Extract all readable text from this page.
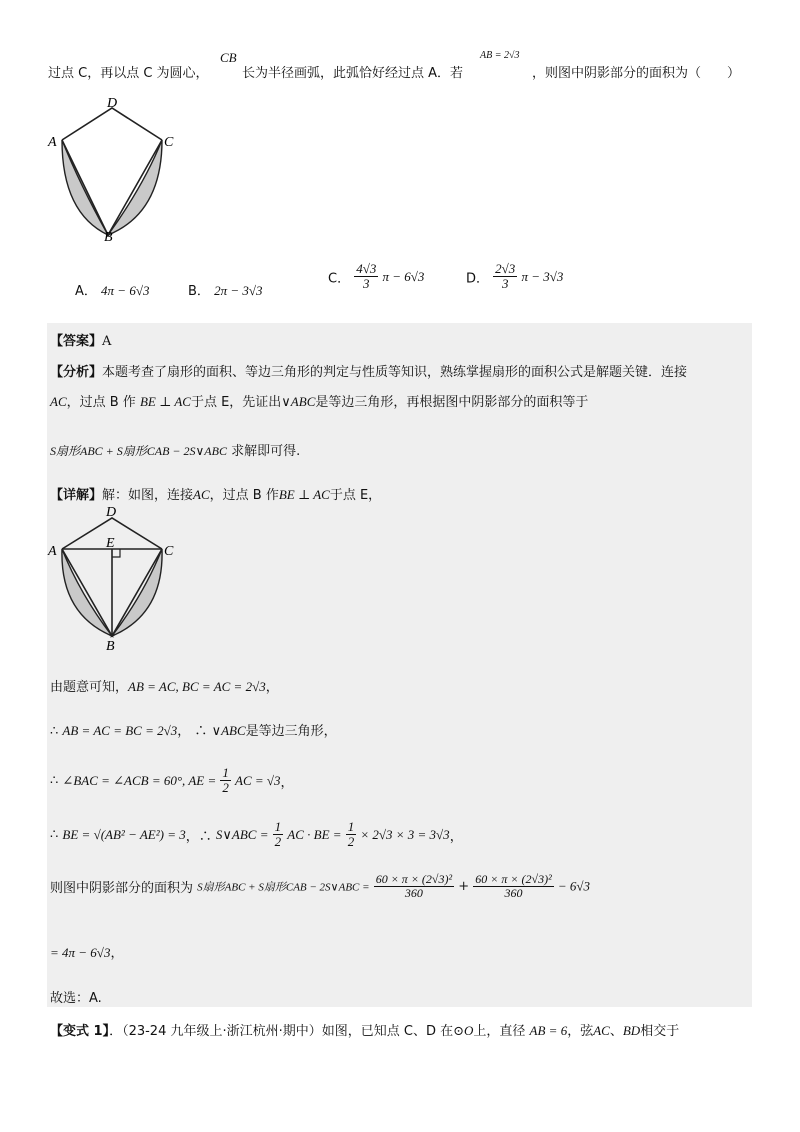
过点 C，再以点 C 为圆心，
CB
长为半径画弧，此弧恰好经过点 A．若
AB = 2√3
，则图中阴影部分的面积为（　　）
D
A	C
B
A． 4π − 6√3	B． 2π − 3√3
C． $\frac{4√3}{3}$ π − 6√3	D． $\frac{2√3}{3}$ π − 3√3
【答案】A
【分析】本题考查了扇形的面积、等边三角形的判定与性质等知识，熟练掌握扇形的面积公式是解题关键．连接
AC，过点 B 作 BE ⊥ AC于点 E，先证出∨ABC是等边三角形，再根据图中阴影部分的面积等于
S扇形ABC + S扇形CAB − 2S∨ABC 求解即可得.
【详解】解：如图，连接AC，过点 B 作BE ⊥ AC于点 E，
D
A
E
C
B
由题意可知，AB = AC, BC = AC = 2√3，
∴ AB = AC = BC = 2√3， ∴ ∨ABC是等边三角形，
∴ ∠BAC = ∠ACB = 60°, AE = $\frac{1}{2}$ AC = √3，
∴ BE = √(AB² − AE²) = 3，∴ S∨ABC = $\frac{1}{2}$ AC · BE = $\frac{1}{2} \times 2√3 \times 3 = 3√3$，
则图中阴影部分的面积为 S扇形ABC + S扇形CAB − 2S∨ABC = $\frac{\text{60 × π × (2√3)²}}{360} + \frac{\text{60 × π × (2√3)²}}{360} - 6√3$
= 4π − 6√3，
故选：A.
【变式 1】．（23-24 九年级上·浙江杭州·期中）如图，已知点 C、D 在⊙O上，直径 AB = 6，弦AC、BD相交于
